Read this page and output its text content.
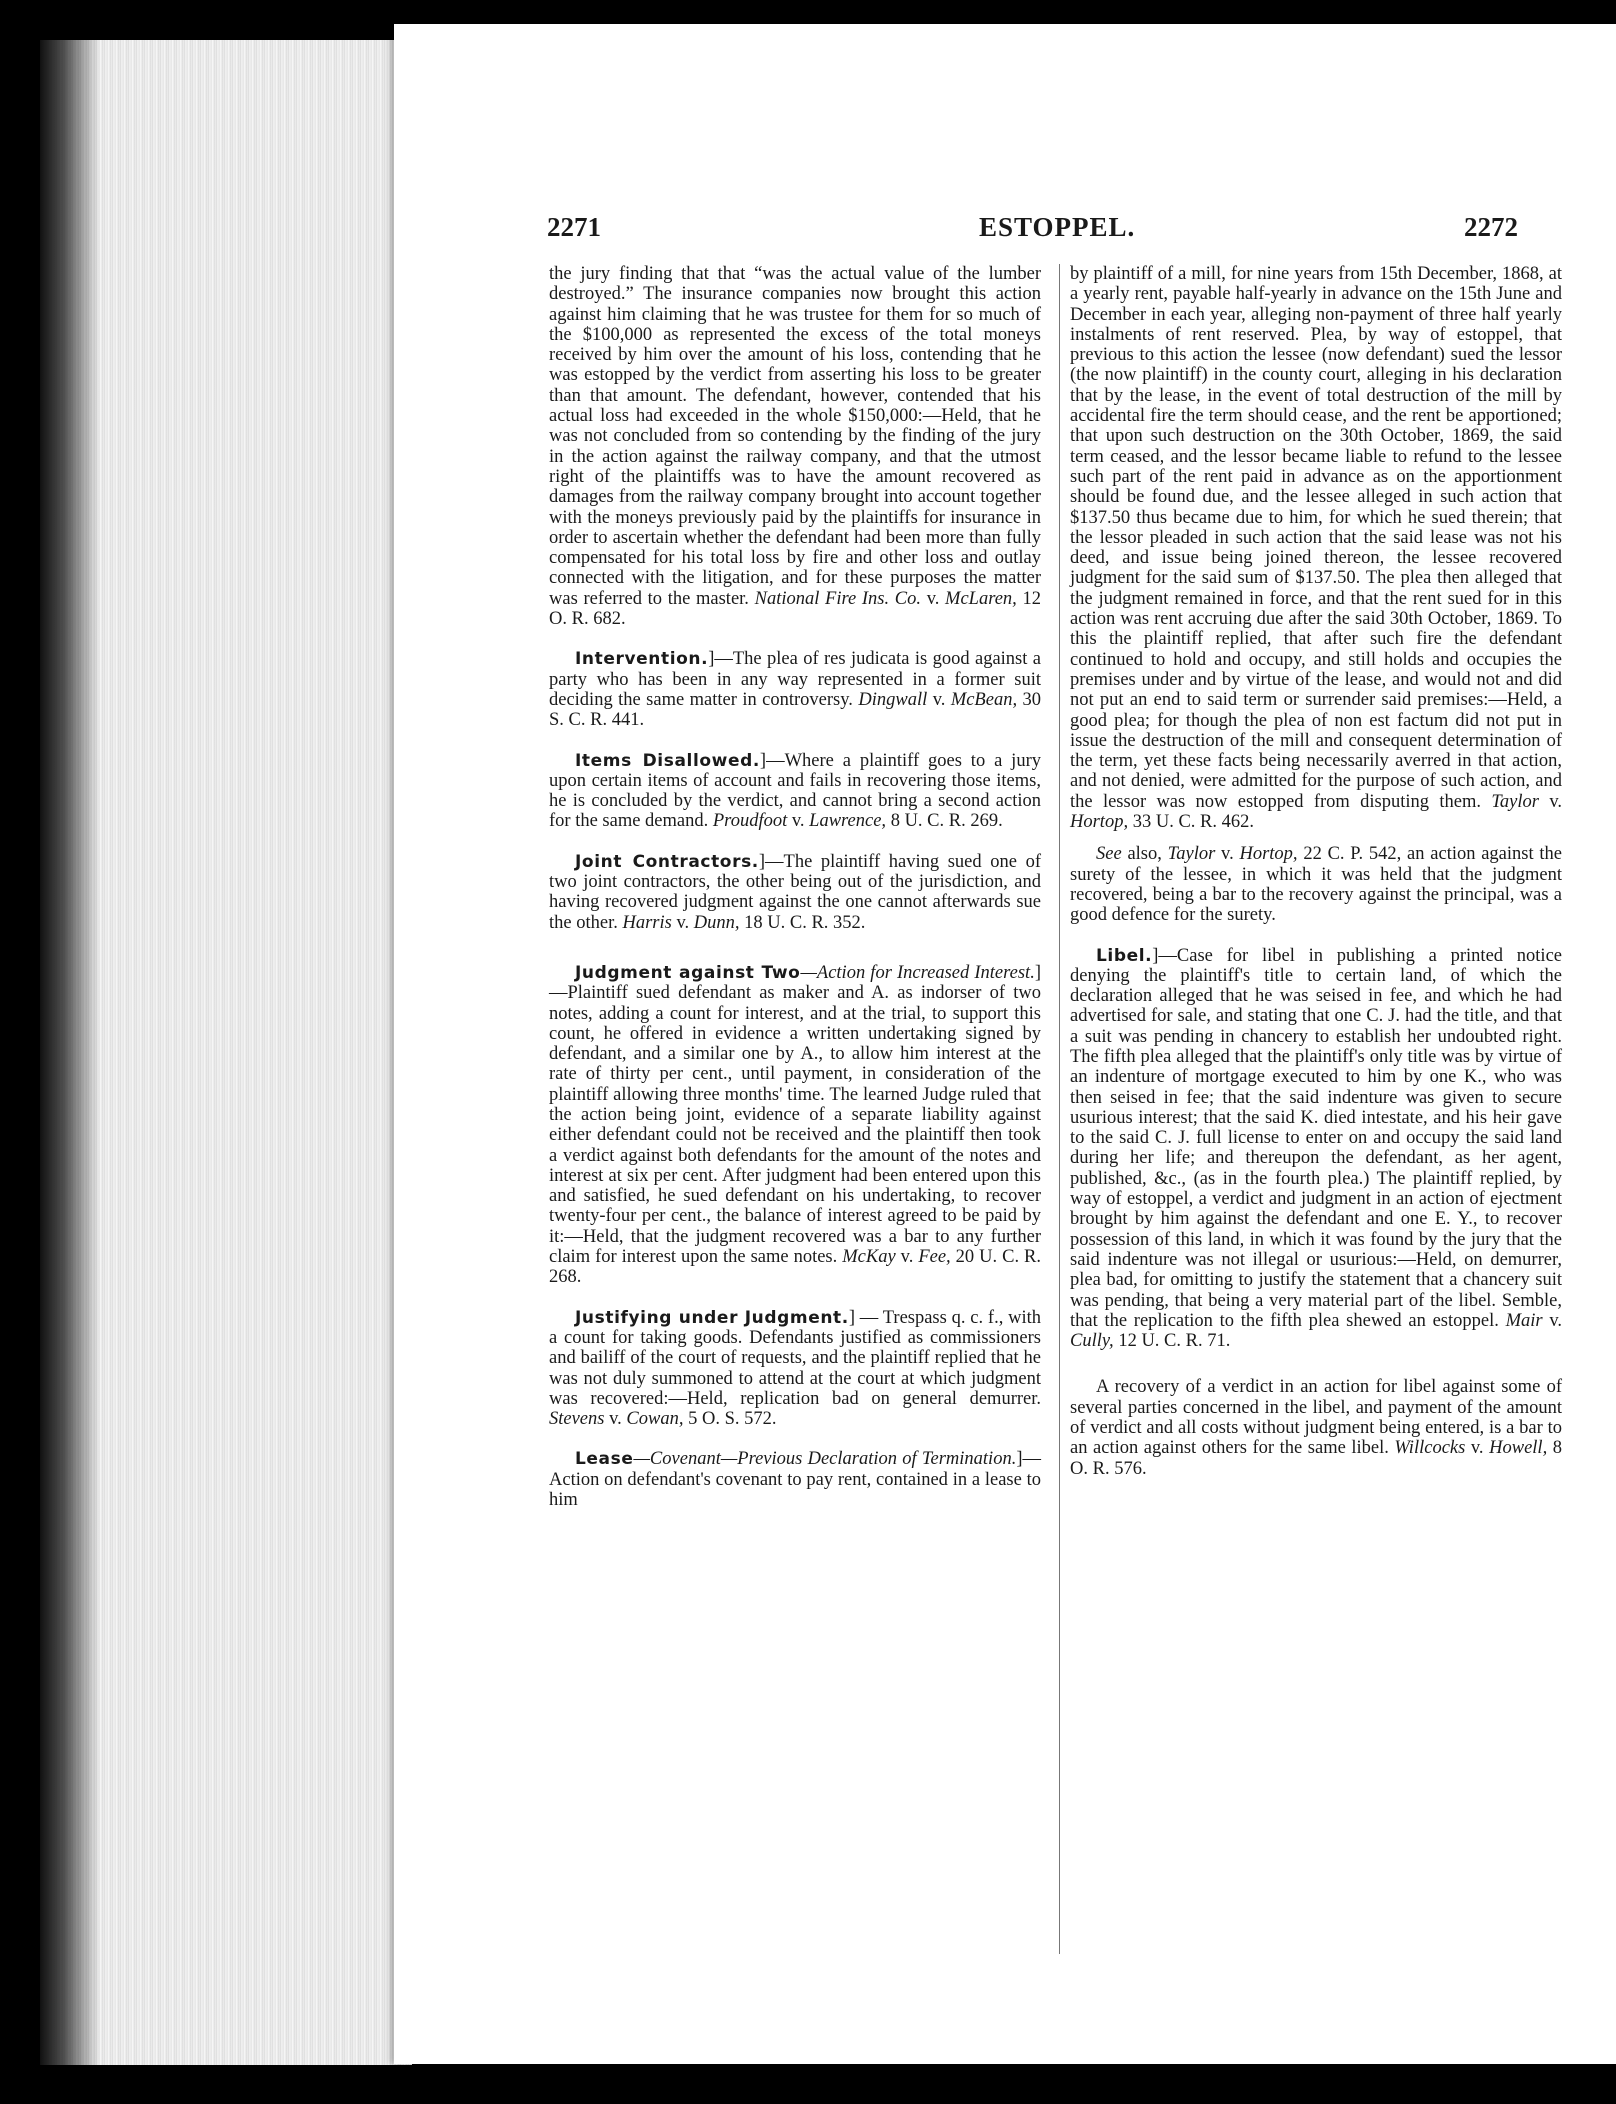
2271	ESTOPPEL.	2272

the jury finding that that “was the actual value of the lumber destroyed.” The insurance companies now brought this action against him claiming that he was trustee for them for so much of the $100,000 as represented the excess of the total moneys received by him over the amount of his loss, contending that he was estopped by the verdict from asserting his loss to be greater than that amount. The defendant, however, contended that his actual loss had exceeded in the whole $150,000:—Held, that he was not concluded from so contending by the finding of the jury in the action against the railway company, and that the utmost right of the plaintiffs was to have the amount recovered as damages from the railway company brought into account together with the moneys previously paid by the plaintiffs for insurance in order to ascertain whether the defendant had been more than fully compensated for his total loss by fire and other loss and outlay connected with the litigation, and for these purposes the matter was referred to the master. National Fire Ins. Co. v. McLaren, 12 O. R. 682.

Intervention.]—The plea of res judicata is good against a party who has been in any way represented in a former suit deciding the same matter in controversy. Dingwall v. McBean, 30 S. C. R. 441.

Items Disallowed.]—Where a plaintiff goes to a jury upon certain items of account and fails in recovering those items, he is concluded by the verdict, and cannot bring a second action for the same demand. Proudfoot v. Lawrence, 8 U. C. R. 269.

Joint Contractors.]—The plaintiff having sued one of two joint contractors, the other being out of the jurisdiction, and having recovered judgment against the one cannot afterwards sue the other. Harris v. Dunn, 18 U. C. R. 352.

Judgment against Two—Action for Increased Interest.]—Plaintiff sued defendant as maker and A. as indorser of two notes, adding a count for interest, and at the trial, to support this count, he offered in evidence a written undertaking signed by defendant, and a similar one by A., to allow him interest at the rate of thirty per cent., until payment, in consideration of the plaintiff allowing three months' time. The learned Judge ruled that the action being joint, evidence of a separate liability against either defendant could not be received and the plaintiff then took a verdict against both defendants for the amount of the notes and interest at six per cent. After judgment had been entered upon this and satisfied, he sued defendant on his undertaking, to recover twenty-four per cent., the balance of interest agreed to be paid by it:—Held, that the judgment recovered was a bar to any further claim for interest upon the same notes. McKay v. Fee, 20 U. C. R. 268.

Justifying under Judgment.] — Trespass q. c. f., with a count for taking goods. Defendants justified as commissioners and bailiff of the court of requests, and the plaintiff replied that he was not duly summoned to attend at the court at which judgment was recovered:—Held, replication bad on general demurrer. Stevens v. Cowan, 5 O. S. 572.

Lease—Covenant—Previous Declaration of Termination.]—Action on defendant's covenant to pay rent, contained in a lease to him

by plaintiff of a mill, for nine years from 15th December, 1868, at a yearly rent, payable half-yearly in advance on the 15th June and December in each year, alleging non-payment of three half yearly instalments of rent reserved. Plea, by way of estoppel, that previous to this action the lessee (now defendant) sued the lessor (the now plaintiff) in the county court, alleging in his declaration that by the lease, in the event of total destruction of the mill by accidental fire the term should cease, and the rent be apportioned; that upon such destruction on the 30th October, 1869, the said term ceased, and the lessor became liable to refund to the lessee such part of the rent paid in advance as on the apportionment should be found due, and the lessee alleged in such action that $137.50 thus became due to him, for which he sued therein; that the lessor pleaded in such action that the said lease was not his deed, and issue being joined thereon, the lessee recovered judgment for the said sum of $137.50. The plea then alleged that the judgment remained in force, and that the rent sued for in this action was rent accruing due after the said 30th October, 1869. To this the plaintiff replied, that after such fire the defendant continued to hold and occupy, and still holds and occupies the premises under and by virtue of the lease, and would not and did not put an end to said term or surrender said premises:—Held, a good plea; for though the plea of non est factum did not put in issue the destruction of the mill and consequent determination of the term, yet these facts being necessarily averred in that action, and not denied, were admitted for the purpose of such action, and the lessor was now estopped from disputing them. Taylor v. Hortop, 33 U. C. R. 462.

See also, Taylor v. Hortop, 22 C. P. 542, an action against the surety of the lessee, in which it was held that the judgment recovered, being a bar to the recovery against the principal, was a good defence for the surety.

Libel.]—Case for libel in publishing a printed notice denying the plaintiff's title to certain land, of which the declaration alleged that he was seised in fee, and which he had advertised for sale, and stating that one C. J. had the title, and that a suit was pending in chancery to establish her undoubted right. The fifth plea alleged that the plaintiff's only title was by virtue of an indenture of mortgage executed to him by one K., who was then seised in fee; that the said indenture was given to secure usurious interest; that the said K. died intestate, and his heir gave to the said C. J. full license to enter on and occupy the said land during her life; and thereupon the defendant, as her agent, published, &c., (as in the fourth plea.) The plaintiff replied, by way of estoppel, a verdict and judgment in an action of ejectment brought by him against the defendant and one E. Y., to recover possession of this land, in which it was found by the jury that the said indenture was not illegal or usurious:—Held, on demurrer, plea bad, for omitting to justify the statement that a chancery suit was pending, that being a very material part of the libel. Semble, that the replication to the fifth plea shewed an estoppel. Mair v. Cully, 12 U. C. R. 71.

A recovery of a verdict in an action for libel against some of several parties concerned in the libel, and payment of the amount of verdict and all costs without judgment being entered, is a bar to an action against others for the same libel. Willcocks v. Howell, 8 O. R. 576.
